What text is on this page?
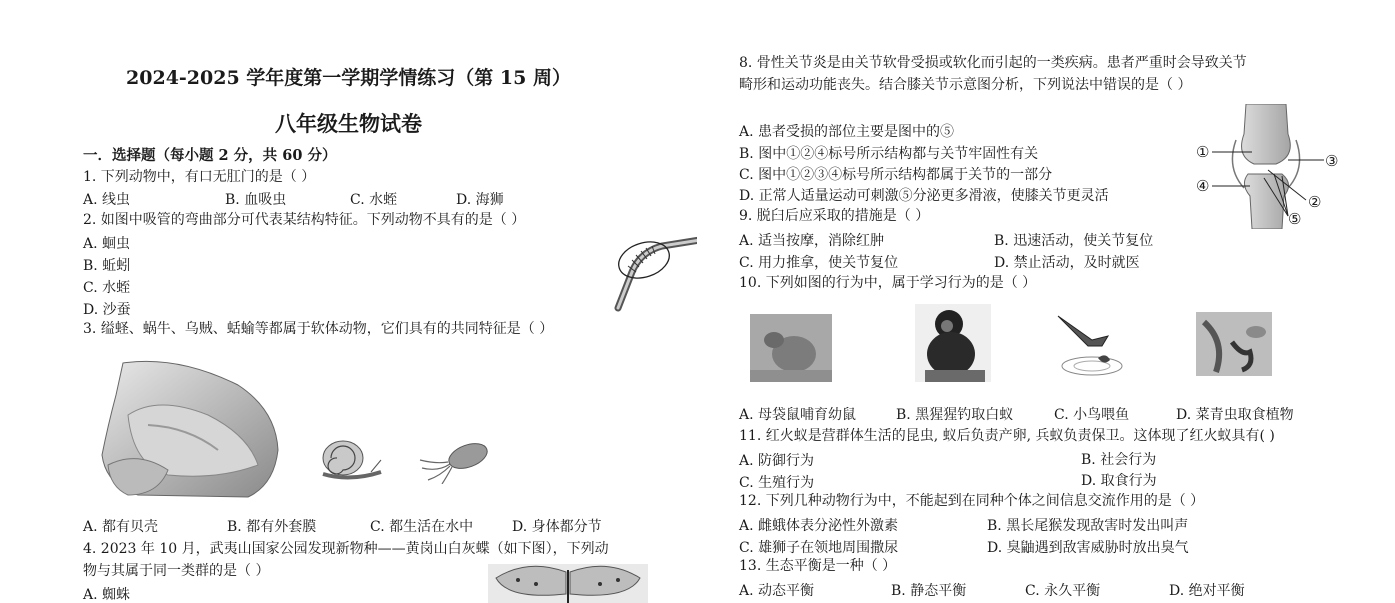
2024-2025 学年度第一学期学情练习（第 15 周）
八年级生物试卷
一．选择题（每小题 2 分，共 60 分）
1. 下列动物中，有口无肛门的是（ ）
A. 线虫	B. 血吸虫	C. 水蛭	D. 海狮
2. 如图中吸管的弯曲部分可代表某结构特征。下列动物不具有的是（ ）
A. 蛔虫
B. 蚯蚓
C. 水蛭
D. 沙蚕
3. 缢蛏、蜗牛、乌贼、蛞蝓等都属于软体动物，它们具有的共同特征是（ ）
A. 都有贝壳	B. 都有外套膜	C. 都生活在水中	D. 身体都分节
4. 2023 年 10 月，武夷山国家公园发现新物种——黄岗山白灰蝶（如下图），下列动
物与其属于同一类群的是（ ）
A. 蜘蛛
8. 骨性关节炎是由关节软骨受损或软化而引起的一类疾病。患者严重时会导致关节
畸形和运动功能丧失。结合膝关节示意图分析，下列说法中错误的是（ ）
A. 患者受损的部位主要是图中的⑤
B. 图中①②④标号所示结构都与关节牢固性有关
C. 图中①②③④标号所示结构都属于关节的一部分
D. 正常人适量运动可刺激⑤分泌更多滑液，使膝关节更灵活
①	③
④
②
⑤
9. 脱臼后应采取的措施是（ ）
A. 适当按摩，消除红肿	B. 迅速活动，使关节复位
C. 用力推拿，使关节复位	D. 禁止活动，及时就医
10. 下列如图的行为中，属于学习行为的是（ ）
A. 母袋鼠哺育幼鼠	B. 黑猩猩钓取白蚁	C. 小鸟喂鱼	D. 菜青虫取食植物
11. 红火蚁是营群体生活的昆虫, 蚁后负责产卵, 兵蚁负责保卫。这体现了红火蚁具有( )
A. 防御行为	B. 社会行为
C. 生殖行为	D. 取食行为
12. 下列几种动物行为中，不能起到在同种个体之间信息交流作用的是（ ）
A. 雌蛾体表分泌性外激素	B. 黑长尾猴发现敌害时发出叫声
C. 雄狮子在领地周围撒尿	D. 臭鼬遇到敌害威胁时放出臭气
13. 生态平衡是一种（ ）
A. 动态平衡	B. 静态平衡	C. 永久平衡	D. 绝对平衡
